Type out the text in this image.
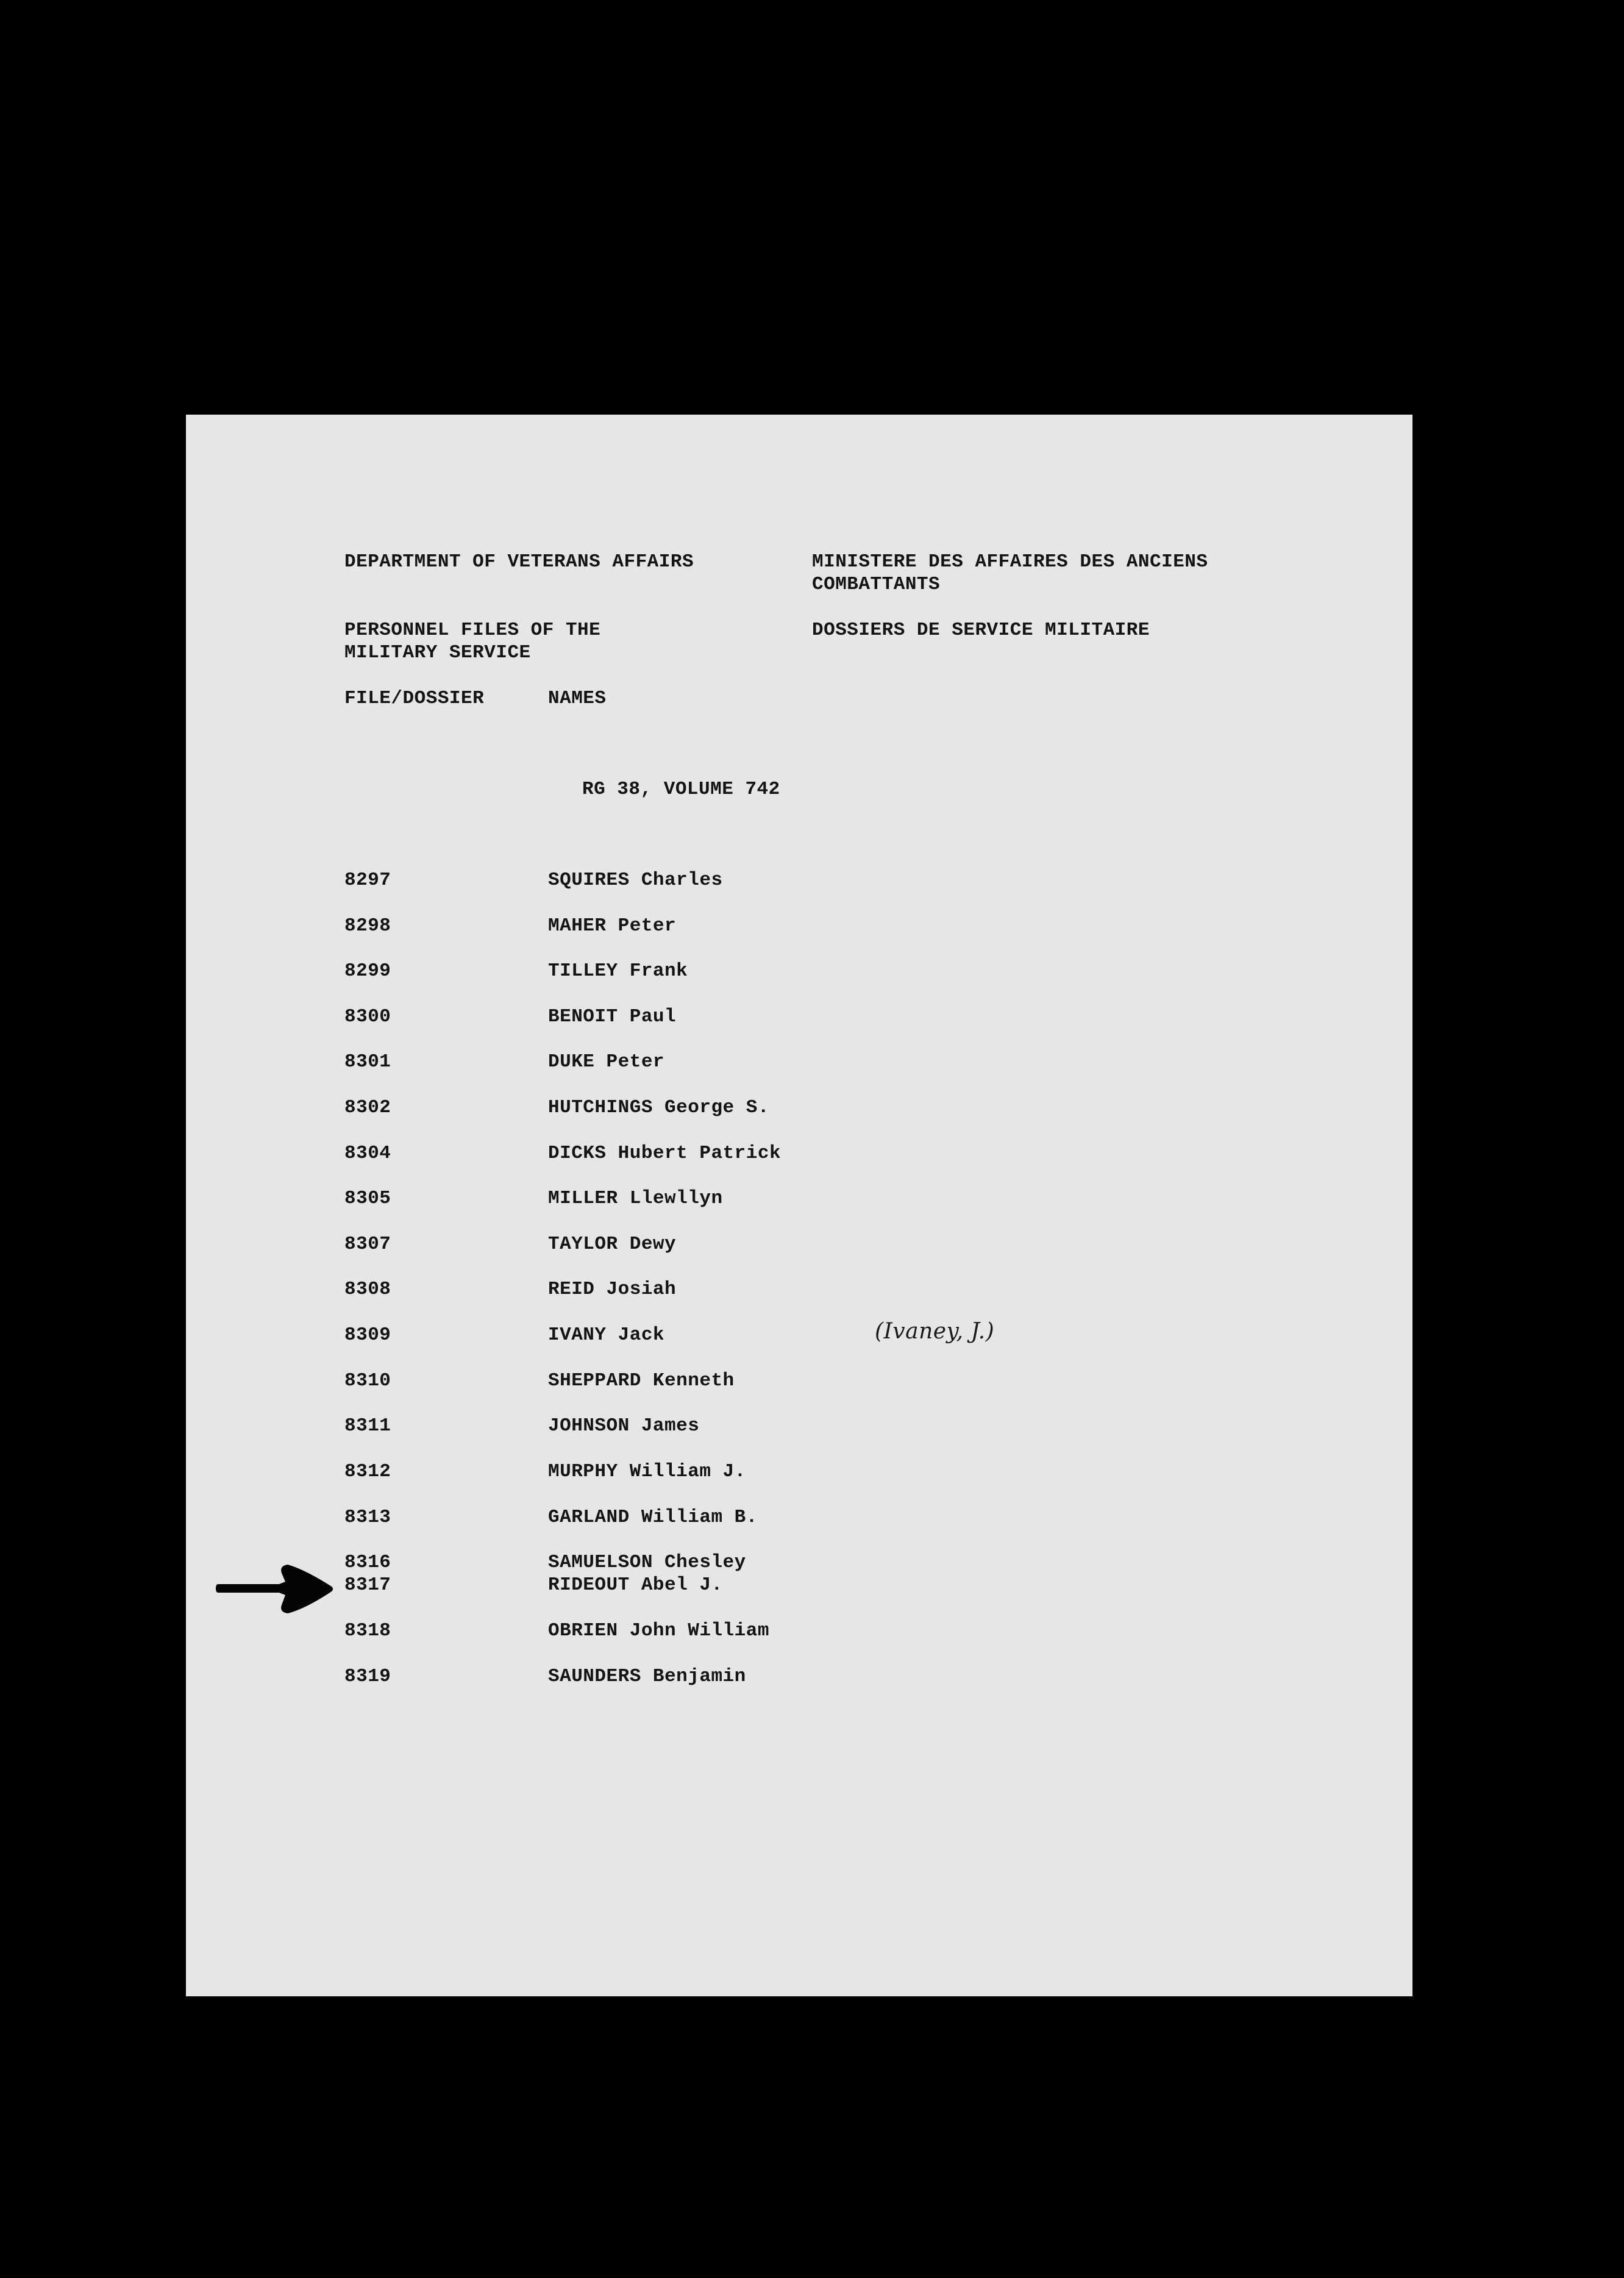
DEPARTMENT OF VETERANS AFFAIRS	MINISTERE DES AFFAIRES DES ANCIENS
COMBATTANTS
PERSONNEL FILES OF THE
MILITARY SERVICE
DOSSIERS DE SERVICE MILITAIRE
FILE/DOSSIER	NAMES
RG 38, VOLUME 742
8297	SQUIRES Charles
8298	MAHER Peter
8299	TILLEY Frank
8300	BENOIT Paul
8301	DUKE Peter
8302	HUTCHINGS George S.
8304	DICKS Hubert Patrick
8305	MILLER Llewllyn
8307	TAYLOR Dewy
8308	REID Josiah
8309	IVANY Jack	(Ivaney, J.)
8310	SHEPPARD Kenneth
8311	JOHNSON James
8312	MURPHY William J.
8313	GARLAND William B.
8316	SAMUELSON Chesley
8317	RIDEOUT Abel J.
8318	OBRIEN John William
8319	SAUNDERS Benjamin
